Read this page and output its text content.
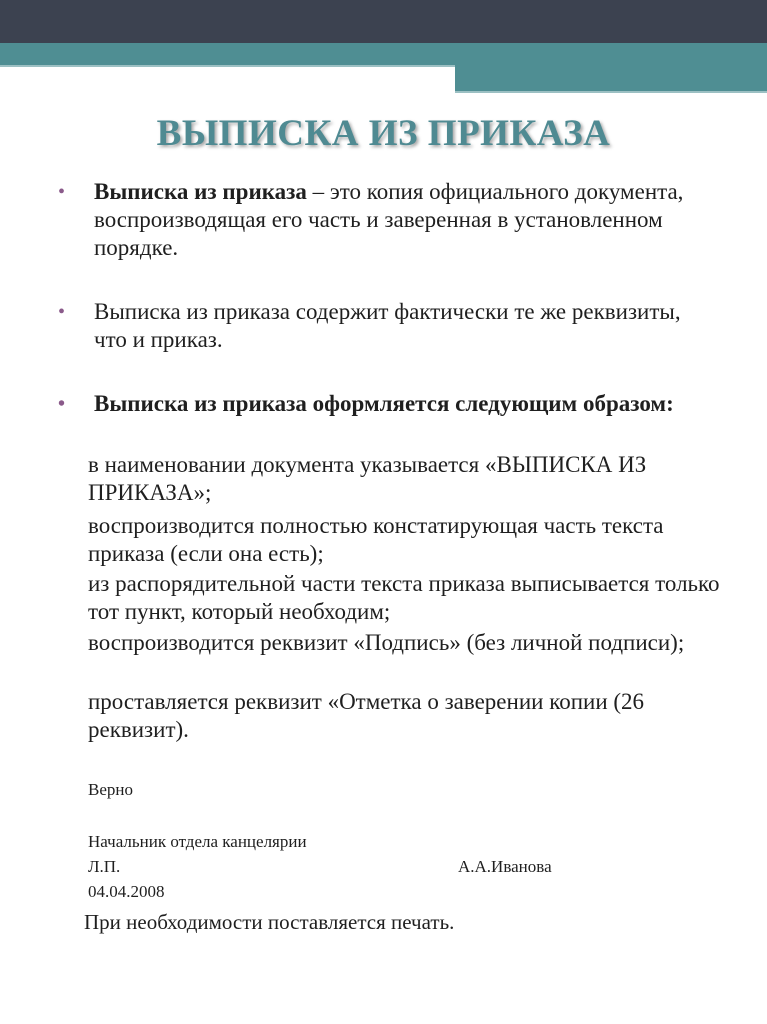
ВЫПИСКА ИЗ ПРИКАЗА
• Выписка из приказа – это копия официального документа, воспроизводящая его часть и заверенная в установленном порядке.
• Выписка из приказа содержит фактически те же реквизиты, что и приказ.
• Выписка из приказа оформляется следующим образом:
в наименовании документа указывается «ВЫПИСКА ИЗ ПРИКАЗА»;
воспроизводится полностью констатирующая часть текста приказа (если она есть);
из распорядительной части текста приказа выписывается только тот пункт, который необходим;
воспроизводится реквизит «Подпись» (без личной подписи);
проставляется реквизит «Отметка о заверении копии (26 реквизит).
Верно
Начальник отдела канцелярии
Л.П.	А.А.Иванова
04.04.2008
При необходимости поставляется печать.
